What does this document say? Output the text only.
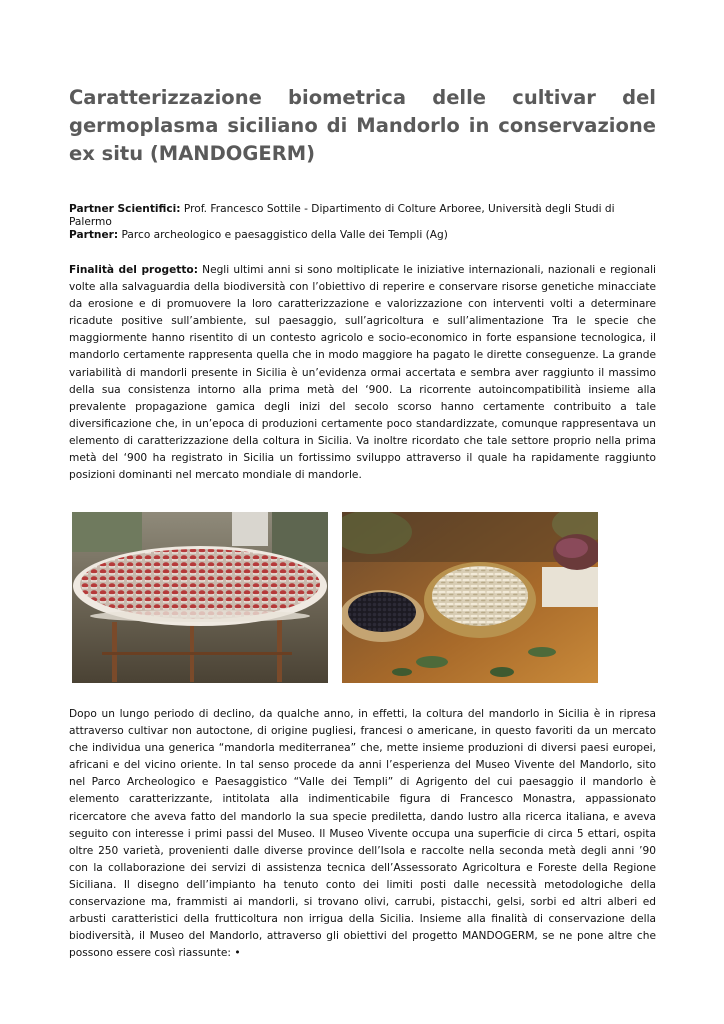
Caratterizzazione biometrica delle cultivar del germoplasma siciliano di Mandorlo in conservazione ex situ (MANDOGERM)

Partner Scientifici: Prof. Francesco Sottile - Dipartimento di Colture Arboree, Università degli Studi di Palermo

Partner: Parco archeologico e paesaggistico della Valle dei Templi (Ag)

Finalità del progetto: Negli ultimi anni si sono moltiplicate le iniziative internazionali, nazionali e regionali volte alla salvaguardia della biodiversità con l’obiettivo di reperire e conservare risorse genetiche minacciate da erosione e di promuovere la loro caratterizzazione e valorizzazione con interventi volti a determinare ricadute positive sull’ambiente, sul paesaggio, sull’agricoltura e sull’alimentazione Tra le specie che maggiormente hanno risentito di un contesto agricolo e socio-economico in forte espansione tecnologica, il mandorlo certamente rappresenta quella che in modo maggiore ha pagato le dirette conseguenze. La grande variabilità di mandorli presente in Sicilia è un’evidenza ormai accertata e sembra aver raggiunto il massimo della sua consistenza intorno alla prima metà del ‘900. La ricorrente autoincompatibilità insieme alla prevalente propagazione gamica degli inizi del secolo scorso hanno certamente contribuito a tale diversificazione che, in un’epoca di produzioni certamente poco standardizzate, comunque rappresentava un elemento di caratterizzazione della coltura in Sicilia. Va inoltre ricordato che tale settore proprio nella prima metà del ‘900 ha registrato in Sicilia un fortissimo sviluppo attraverso il quale ha rapidamente raggiunto posizioni dominanti nel mercato mondiale di mandorle.

Dopo un lungo periodo di declino, da qualche anno, in effetti, la coltura del mandorlo in Sicilia è in ripresa attraverso cultivar non autoctone, di origine pugliesi, francesi o americane, in questo favoriti da un mercato che individua una generica “mandorla mediterranea” che, mette insieme produzioni di diversi paesi europei, africani e del vicino oriente. In tal senso procede da anni l’esperienza del Museo Vivente del Mandorlo, sito nel Parco Archeologico e Paesaggistico “Valle dei Templi” di Agrigento del cui paesaggio il mandorlo è elemento caratterizzante, intitolata alla indimenticabile figura di Francesco Monastra, appassionato ricercatore che aveva fatto del mandorlo la sua specie prediletta, dando lustro alla ricerca italiana, e aveva seguito con interesse i primi passi del Museo. Il Museo Vivente occupa una superficie di circa 5 ettari, ospita oltre 250 varietà, provenienti dalle diverse province dell’Isola e raccolte nella seconda metà degli anni ’90 con la collaborazione dei servizi di assistenza tecnica dell’Assessorato Agricoltura e Foreste della Regione Siciliana. Il disegno dell’impianto ha tenuto conto dei limiti posti dalle necessità metodologiche della conservazione ma, frammisti ai mandorli, si trovano olivi, carrubi, pistacchi, gelsi, sorbi ed altri alberi ed arbusti caratteristici della frutticoltura non irrigua della Sicilia. Insieme alla finalità di conservazione della biodiversità, il Museo del Mandorlo, attraverso gli obiettivi del progetto MANDOGERM, se ne pone altre che possono essere così riassunte: •
